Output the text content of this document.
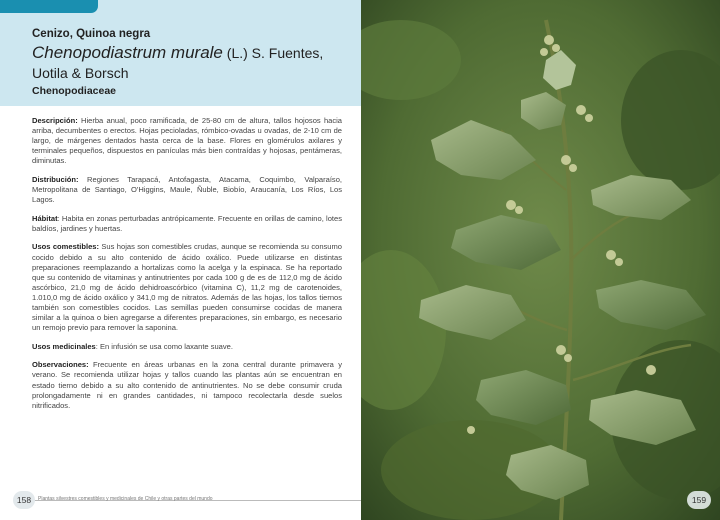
Cenizo, Quinoa negra
Chenopodiastrum murale (L.) S. Fuentes,
Uotila & Borsch
Chenopodiaceae

Descripción: Hierba anual, poco ramificada, de 25-80 cm de altura, tallos hojosos hacia arriba, decumbentes o erectos. Hojas pecioladas, rómbico-ovadas u ovadas, de 2-10 cm de largo, de márgenes dentados hasta cerca de la base. Flores en glomérulos axilares y terminales pequeños, dispuestos en panículas más bien contraídas y hojosas, pentámeras, diminutas.

Distribución: Regiones Tarapacá, Antofagasta, Atacama, Coquimbo, Valparaíso, Metropolitana de Santiago, O'Higgins, Maule, Ñuble, Biobío, Araucanía, Los Ríos, Los Lagos.

Hábitat: Habita en zonas perturbadas antrópicamente. Frecuente en orillas de camino, lotes baldíos, jardines y huertas.

Usos comestibles: Sus hojas son comestibles crudas, aunque se recomienda su consumo cocido debido a su alto contenido de ácido oxálico. Puede utilizarse en distintas preparaciones reemplazando a hortalizas como la acelga y la espinaca. Se ha reportado que su contenido de vitaminas y antinutrientes por cada 100 g de es de 112,0 mg de ácido ascórbico, 21,0 mg de ácido dehidroascórbico (vitamina C), 11,2 mg de carotenoides, 1.010,0 mg de ácido oxálico y 341,0 mg de nitratos. Además de las hojas, los tallos tiernos también son comestibles cocidos. Las semillas pueden consumirse cocidas de manera similar a la quinoa o bien agregarse a diferentes preparaciones, sin embargo, es necesario un remojo previo para remover la saponina.

Usos medicinales: En infusión se usa como laxante suave.

Observaciones: Frecuente en áreas urbanas en la zona central durante primavera y verano. Se recomienda utilizar hojas y tallos cuando las plantas aún se encuentran en estado tierno debido a su alto contenido de antinutrientes. No se debe consumir cruda prolongadamente ni en grandes cantidades, ni tampoco recolectarla desde suelos nitrificados.

158	Plantas silvestres comestibles y medicinales de Chile y otras partes del mundo	159
